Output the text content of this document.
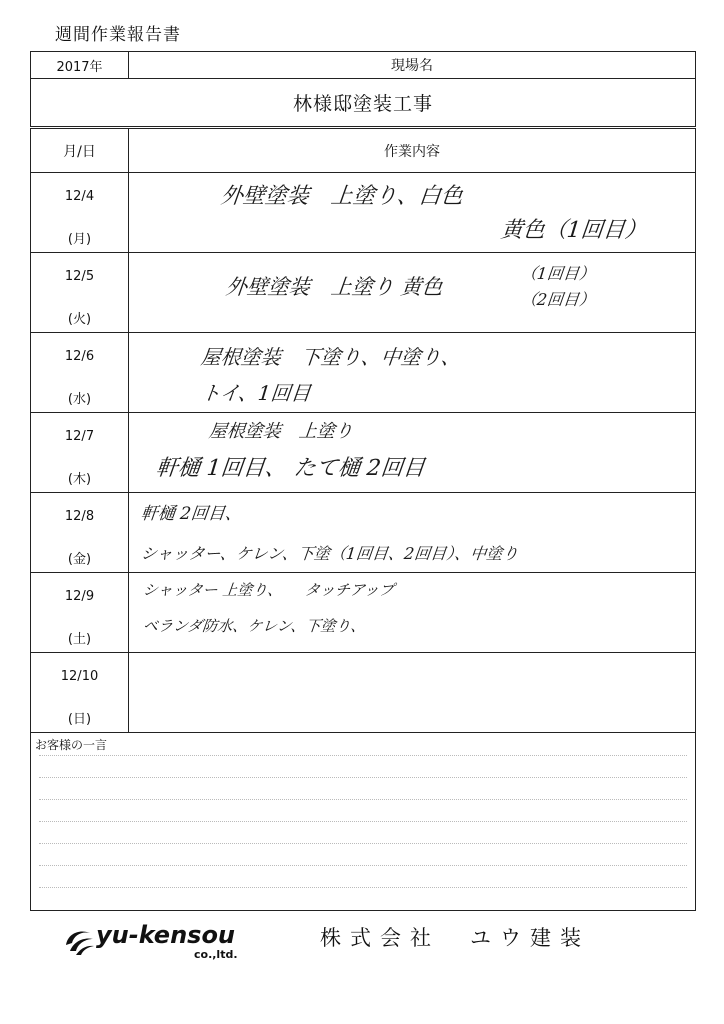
週間作業報告書
2017年	現場名
林様邸塗装工事
月/日	作業内容
12/4
(月)
外壁塗装　上塗り、白色
黄色（1回目）
12/5
(火)
外壁塗装　上塗り 黄色
（1回目）
（2回目）
12/6
(水)
屋根塗装　下塗り、中塗り、
トイ、1回目
12/7
(木)
屋根塗装　上塗り
軒樋 1回目、 たて樋 2回目
12/8
(金)
軒樋 2回目、
シャッター、ケレン、下塗（1回目、2回目）、中塗り
12/9
(土)
シャッター 上塗り、　　タッチアップ
ベランダ防水、ケレン、下塗り、
12/10
(日)
お客様の一言
yu-kensou
co.,ltd.
株式会社　ユウ建装
